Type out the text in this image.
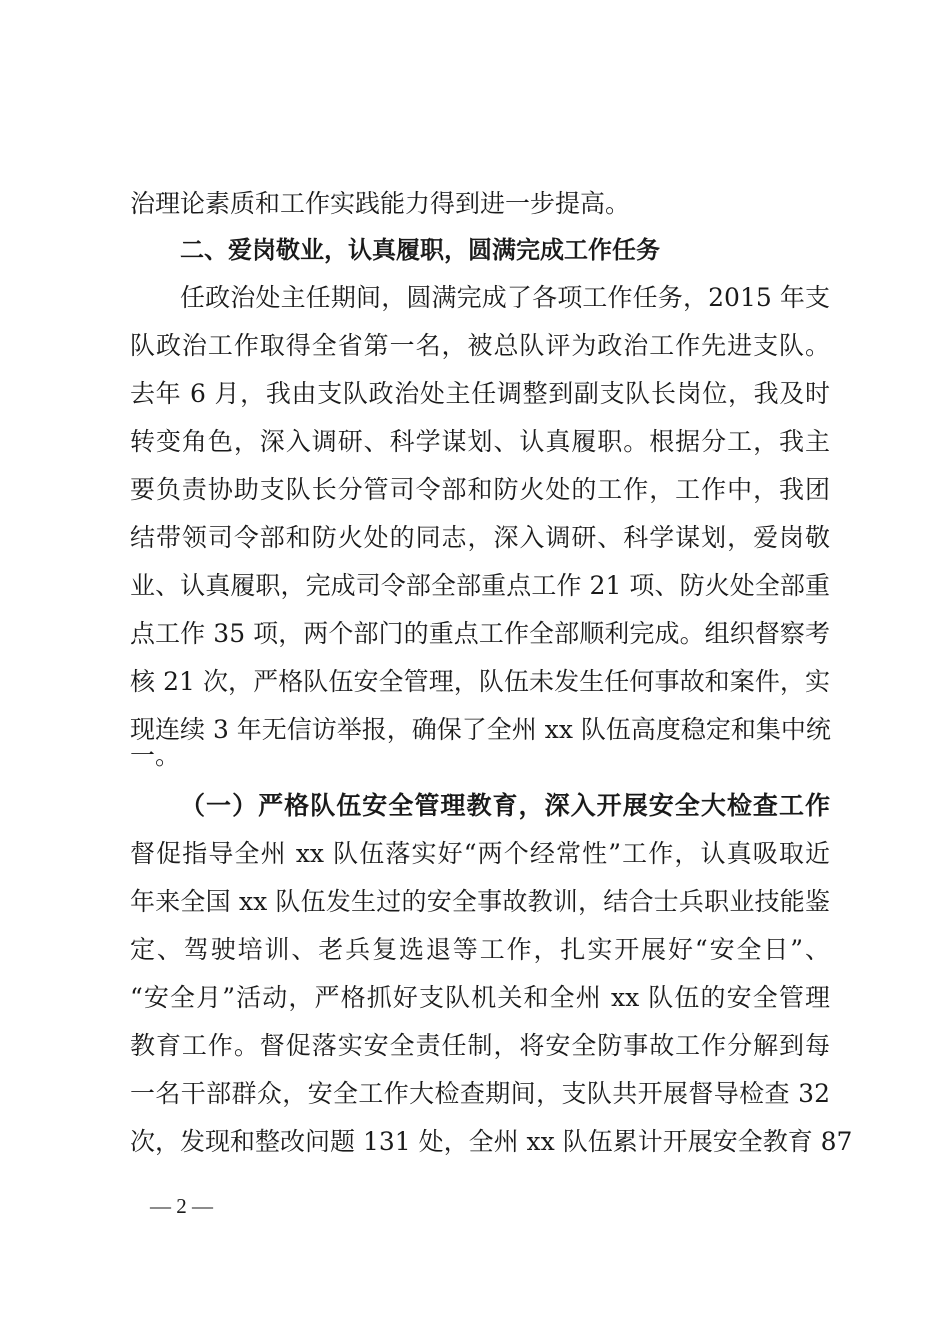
治理论素质和工作实践能力得到进一步提高。
二、爱岗敬业，认真履职，圆满完成工作任务
任政治处主任期间，圆满完成了各项工作任务，2015 年支
队政治工作取得全省第一名，被总队评为政治工作先进支队。
去年 6 月，我由支队政治处主任调整到副支队长岗位，我及时
转变角色，深入调研、科学谋划、认真履职。根据分工，我主
要负责协助支队长分管司令部和防火处的工作，工作中，我团
结带领司令部和防火处的同志，深入调研、科学谋划，爱岗敬
业、认真履职，完成司令部全部重点工作 21 项、防火处全部重
点工作 35 项，两个部门的重点工作全部顺利完成。组织督察考
核 21 次，严格队伍安全管理，队伍未发生任何事故和案件，实
现连续 3 年无信访举报，确保了全州 xx 队伍高度稳定和集中统
一。
（一）严格队伍安全管理教育，深入开展安全大检查工作
督促指导全州 xx 队伍落实好“两个经常性”工作，认真吸取近
年来全国 xx 队伍发生过的安全事故教训，结合士兵职业技能鉴
定、驾驶培训、老兵复选退等工作，扎实开展好“安全日”、
“安全月”活动，严格抓好支队机关和全州 xx 队伍的安全管理
教育工作。督促落实安全责任制，将安全防事故工作分解到每
一名干部群众，安全工作大检查期间，支队共开展督导检查 32
次，发现和整改问题 131 处，全州 xx 队伍累计开展安全教育 87
— 2 —
